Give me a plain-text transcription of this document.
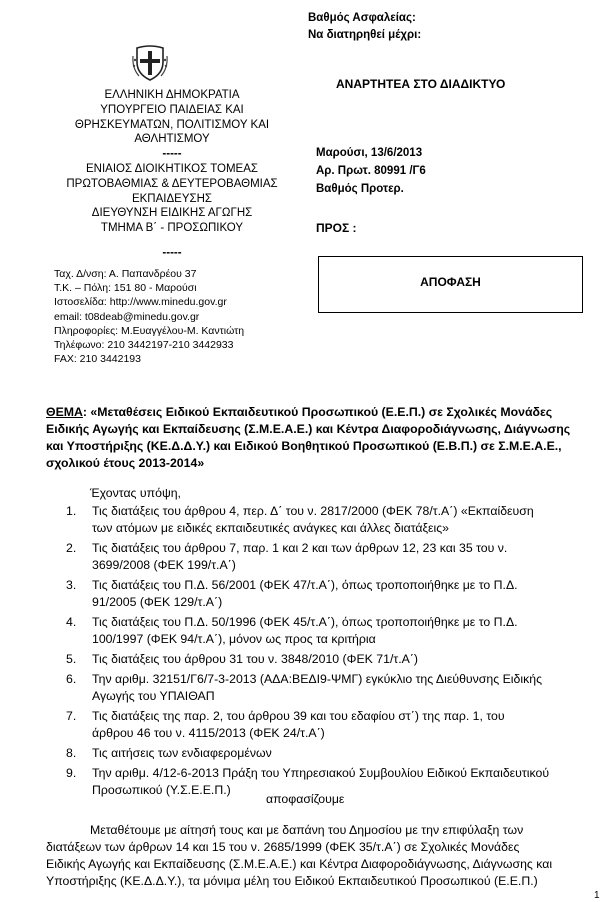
Βαθμός Ασφαλείας:
Να διατηρηθεί μέχρι:
ΑΝΑΡΤΗΤΕΑ ΣΤΟ ΔΙΑΔΙΚΤΥΟ
ΕΛΛΗΝΙΚΗ ΔΗΜΟΚΡΑΤΙΑ
ΥΠΟΥΡΓΕΙΟ ΠΑΙΔΕΙΑΣ ΚΑΙ
ΘΡΗΣΚΕΥΜΑΤΩΝ, ΠΟΛΙΤΙΣΜΟΥ ΚΑΙ
ΑΘΛΗΤΙΣΜΟΥ
-----
ΕΝΙΑΙΟΣ ΔΙΟΙΚΗΤΙΚΟΣ ΤΟΜΕΑΣ
ΠΡΩΤΟΒΑΘΜΙΑΣ & ΔΕΥΤΕΡΟΒΑΘΜΙΑΣ
ΕΚΠΑΙΔΕΥΣΗΣ
ΔΙΕΥΘΥΝΣΗ ΕΙΔΙΚΗΣ ΑΓΩΓΗΣ
ΤΜΗΜΑ Β΄ - ΠΡΟΣΩΠΙΚΟΥ
-----
Ταχ. Δ/νση: Α. Παπανδρέου 37
Τ.Κ. – Πόλη: 151 80 - Μαρούσι
Ιστοσελίδα: http://www.minedu.gov.gr
email: t08deab@minedu.gov.gr
Πληροφορίες: Μ.Ευαγγέλου-Μ. Καντιώτη
Τηλέφωνο: 210 3442197-210 3442933
FAX: 210 3442193
Μαρούσι, 13/6/2013
Αρ. Πρωτ. 80991 /Γ6
Βαθμός Προτερ.
ΠΡΟΣ :
ΑΠΟΦΑΣΗ
ΘΕΜΑ: «Μεταθέσεις Ειδικού Εκπαιδευτικού Προσωπικού (Ε.Ε.Π.) σε Σχολικές Μονάδες
Ειδικής Αγωγής και Εκπαίδευσης (Σ.Μ.Ε.Α.Ε.) και Κέντρα Διαφοροδιάγνωσης, Διάγνωσης
και Υποστήριξης (ΚΕ.Δ.Δ.Υ.) και Ειδικού Βοηθητικού Προσωπικού (Ε.Β.Π.) σε Σ.Μ.Ε.Α.Ε.,
σχολικού έτους 2013-2014»
Έχοντας υπόψη,
1. Τις διατάξεις του άρθρου 4, περ. Δ΄ του ν. 2817/2000 (ΦΕΚ 78/τ.Α΄) «Εκπαίδευση
των ατόμων με ειδικές εκπαιδευτικές ανάγκες και άλλες διατάξεις»
2. Τις διατάξεις του άρθρου 7, παρ. 1 και 2 και των άρθρων 12, 23 και 35 του ν.
3699/2008 (ΦΕΚ 199/τ.Α΄)
3. Τις διατάξεις του Π.Δ. 56/2001 (ΦΕΚ 47/τ.Α΄), όπως τροποποιήθηκε με το Π.Δ.
91/2005 (ΦΕΚ 129/τ.Α΄)
4. Τις διατάξεις του Π.Δ. 50/1996 (ΦΕΚ 45/τ.Α΄), όπως τροποποιήθηκε με το Π.Δ.
100/1997 (ΦΕΚ 94/τ.Α΄), μόνον ως προς τα κριτήρια
5. Τις διατάξεις του άρθρου 31 του ν. 3848/2010 (ΦΕΚ 71/τ.Α΄)
6. Την αριθμ. 32151/Γ6/7-3-2013 (ΑΔΑ:ΒΕΔΙ9-ΨΜΓ) εγκύκλιο της Διεύθυνσης Ειδικής
Αγωγής του ΥΠΑΙΘΑΠ
7. Τις διατάξεις της παρ. 2, του άρθρου 39 και του εδαφίου στ΄) της παρ. 1, του
άρθρου 46 του ν. 4115/2013 (ΦΕΚ 24/τ.Α΄)
8. Τις αιτήσεις των ενδιαφερομένων
9. Την αριθμ. 4/12-6-2013 Πράξη του Υπηρεσιακού Συμβουλίου Ειδικού Εκπαιδευτικού
Προσωπικού (Υ.Σ.Ε.Ε.Π.)
αποφασίζουμε
Μεταθέτουμε με αίτησή τους και με δαπάνη του Δημοσίου με την επιφύλαξη των
διατάξεων των άρθρων 14 και 15 του ν. 2685/1999 (ΦΕΚ 35/τ.Α΄) σε Σχολικές Μονάδες
Ειδικής Αγωγής και Εκπαίδευσης (Σ.Μ.Ε.Α.Ε.) και Κέντρα Διαφοροδιάγνωσης, Διάγνωσης και
Υποστήριξης (ΚΕ.Δ.Δ.Υ.), τα μόνιμα μέλη του Ειδικού Εκπαιδευτικού Προσωπικού (Ε.Ε.Π.)
1
